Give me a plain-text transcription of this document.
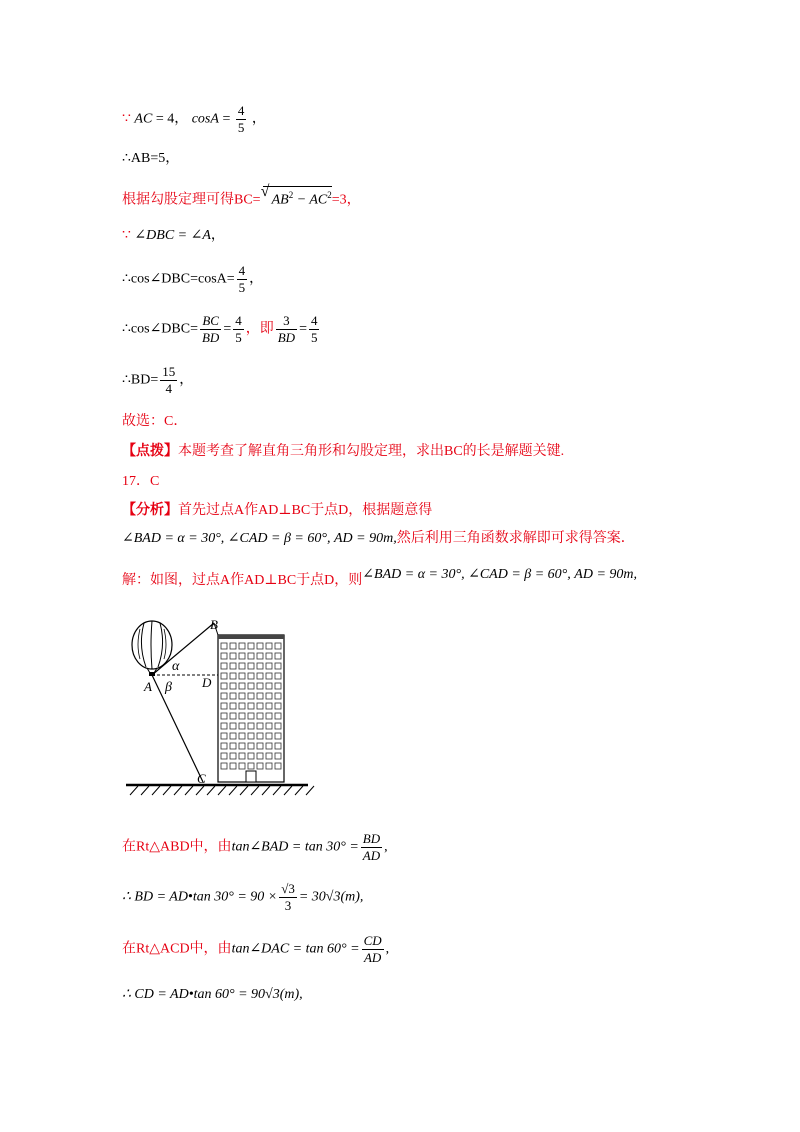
∵ AC = 4， $\cos A = \frac{4}{5}$ ，
∴AB=5，
根据勾股定理可得BC=√ $AB^2 - AC^2=3$，
∵ ∠DBC = ∠A，
∴cos∠DBC=cosA= $\frac{4}{5}$ ，
∴cos∠DBC= $\frac{BC}{BD} = \frac{4}{5}$ ，即 $\frac{3}{BD} = \frac{4}{5}$
∴BD= $\frac{15}{4}$ ，
故选：C．
【点拨】本题考查了解直角三角形和勾股定理，求出BC的长是解题关键.
17．C
【分析】首先过点A作AD⊥BC于点D，根据题意得
∠BAD = α = 30°, ∠CAD = β = 60°, AD = 90m,然后利用三角函数求解即可求得答案．
解：如图，过点A作AD⊥BC于点D，则∠BAD = α = 30°, ∠CAD = β = 60°, AD = 90m,
B
A	D
C
α
β
在Rt△ABD中，由tan∠BAD = $\tan 30^\circ = \frac{BD}{AD}$ ,
∴ BD = AD•tan $30^\circ = 90 \times \frac{√3}{3} = 30√3(m)$,
在Rt△ACD中，由tan∠DAC = $\tan 60^\circ = \frac{CD}{AD}$ ,
∴ CD = AD•tan 60° = 90√3(m),
